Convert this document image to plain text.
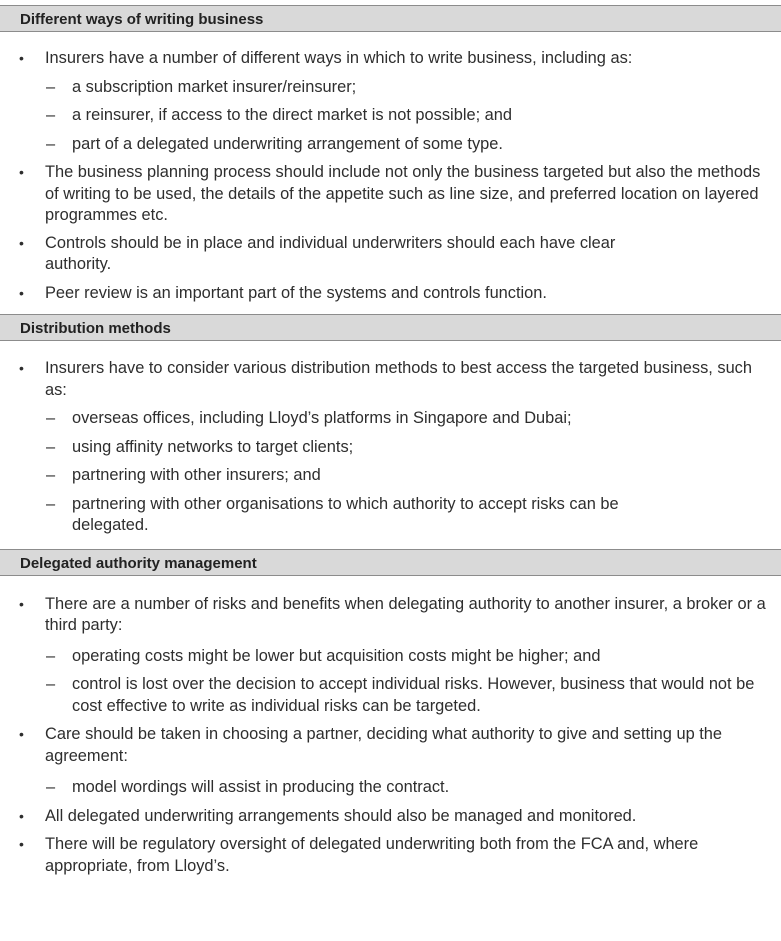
Different ways of writing business
• Insurers have a number of different ways in which to write business, including as:
– a subscription market insurer/reinsurer;
– a reinsurer, if access to the direct market is not possible; and
– part of a delegated underwriting arrangement of some type.
• The business planning process should include not only the business targeted but also the methods of writing to be used, the details of the appetite such as line size, and preferred location on layered programmes etc.
• Controls should be in place and individual underwriters should each have clear authority.
• Peer review is an important part of the systems and controls function.
Distribution methods
• Insurers have to consider various distribution methods to best access the targeted business, such as:
– overseas offices, including Lloyd’s platforms in Singapore and Dubai;
– using affinity networks to target clients;
– partnering with other insurers; and
– partnering with other organisations to which authority to accept risks can be delegated.
Delegated authority management
• There are a number of risks and benefits when delegating authority to another insurer, a broker or a third party:
– operating costs might be lower but acquisition costs might be higher; and
– control is lost over the decision to accept individual risks. However, business that would not be cost effective to write as individual risks can be targeted.
• Care should be taken in choosing a partner, deciding what authority to give and setting up the agreement:
– model wordings will assist in producing the contract.
• All delegated underwriting arrangements should also be managed and monitored.
• There will be regulatory oversight of delegated underwriting both from the FCA and, where appropriate, from Lloyd’s.
